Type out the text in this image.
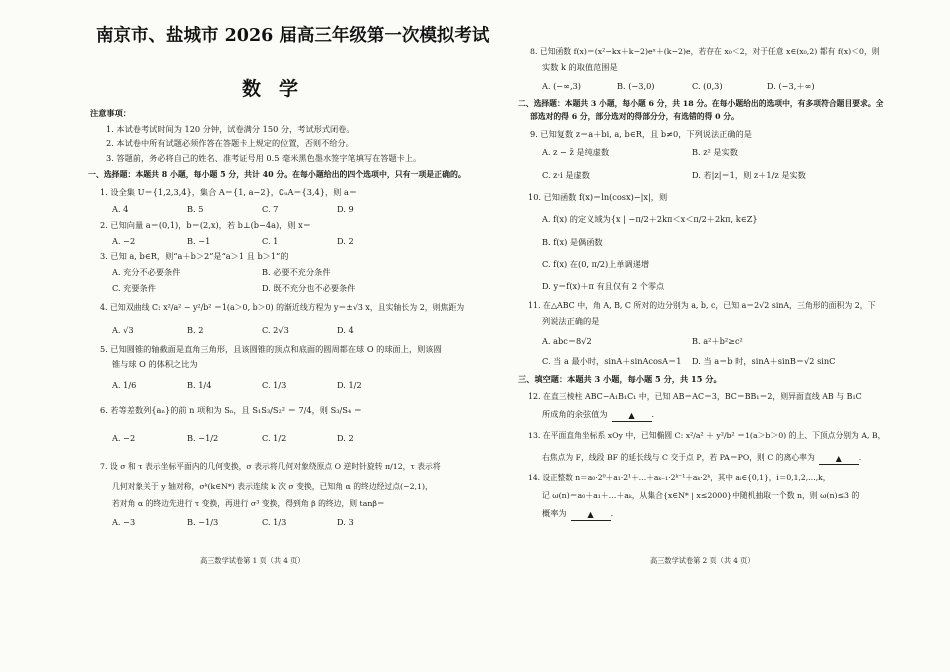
南京市、盐城市 2026 届高三年级第一次模拟考试
数学
注意事项：
1. 本试卷考试时间为 120 分钟，试卷满分 150 分，考试形式闭卷。
2. 本试卷中所有试题必须作答在答题卡上规定的位置，否则不给分。
3. 答题前，务必将自己的姓名、准考证号用 0.5 毫米黑色墨水签字笔填写在答题卡上。
一、选择题：本题共 8 小题，每小题 5 分，共计 40 分。在每小题给出的四个选项中，只有一项是正确的。
1. 设全集 U＝{1,2,3,4}，集合 A＝{1, a−2}，∁ᵤA＝{3,4}，则 a＝
A. 4	B. 5	C. 7	D. 9
2. 已知向量 a＝(0,1)，b＝(2,x)，若 b⊥(b−4a)，则 x＝
A. −2	B. −1	C. 1	D. 2
3. 已知 a, b∈R，则“a＋b＞2”是“a＞1 且 b＞1”的
A. 充分不必要条件	B. 必要不充分条件
C. 充要条件	D. 既不充分也不必要条件
4. 已知双曲线 C: x²/a² − y²/b² ＝1(a＞0, b＞0) 的渐近线方程为 y＝±√3 x，且实轴长为 2，则焦距为
A. √3	B. 2	C. 2√3	D. 4
5. 已知圆锥的轴截面是直角三角形，且该圆锥的顶点和底面的圆周都在球 O 的球面上，则该圆
锥与球 O 的体积之比为
A. 1/6	B. 1/4	C. 1/3	D. 1/2
6. 若等差数列{aₙ}的前 n 项和为 Sₙ，且 S₁S₃/S₂² ＝ 7/4，则 S₃/S₄ ＝
A. −2	B. −1/2	C. 1/2	D. 2
7. 设 σ 和 τ 表示坐标平面内的几何变换，σ 表示将几何对象绕原点 O 逆时针旋转 π/12，τ 表示将
几何对象关于 y 轴对称，σᵏ(k∈N*) 表示连续 k 次 σ 变换，已知角 α 的终边经过点(−2,1)，
若对角 α 的终边先进行 τ 变换，再进行 σ³ 变换，得到角 β 的终边，则 tanβ＝
A. −3	B. −1/3	C. 1/3	D. 3
高三数学试卷第 1 页（共 4 页）
8. 已知函数 f(x)＝(x²−kx＋k−2)eˣ＋(k−2)e，若存在 x₀＜2，对于任意 x∈(x₀,2) 都有 f(x)＜0，则
实数 k 的取值范围是
A. (−∞,3)	B. (−3,0)	C. (0,3)	D. (−3,＋∞)
二、选择题：本题共 3 小题，每小题 6 分，共 18 分。在每小题给出的选项中，有多项符合题目要求。全
部选对的得 6 分，部分选对的得部分分，有选错的得 0 分。
9. 已知复数 z＝a＋bi, a, b∈R，且 b≠0，下列说法正确的是
A. z − z̄ 是纯虚数	B. z² 是实数
C. z·i 是虚数	D. 若|z|＝1，则 z＋1/z 是实数
10. 已知函数 f(x)＝ln(cosx)−|x|，则
A. f(x) 的定义域为{x | −π/2＋2kπ＜x＜π/2＋2kπ, k∈Z}
B. f(x) 是偶函数
C. f(x) 在(0, π/2)上单调递增
D. y＝f(x)＋π 有且仅有 2 个零点
11. 在△ABC 中，角 A, B, C 所对的边分别为 a, b, c，已知 a＝2√2 sinA，三角形的面积为 2，下
列说法正确的是
A. abc＝8√2	B. a²＋b²≥c²
C. 当 a 最小时，sinA＋sinAcosA＝1 D. 当 a＝b 时，sinA＋sinB＝√2 sinC
三、填空题：本题共 3 小题，每小题 5 分，共 15 分。
12. 在直三棱柱 ABC−A₁B₁C₁ 中，已知 AB＝AC＝3，BC＝BB₁＝2，则异面直线 AB 与 B₁C
所成角的余弦值为	▲ ．
13. 在平面直角坐标系 xOy 中，已知椭圆 C: x²/a² ＋ y²/b² ＝1(a＞b＞0) 的上、下顶点分别为 A, B，
右焦点为 F，线段 BF 的延长线与 C 交于点 P，若 PA＝PO，则 C 的离心率为	▲ ．
14. 设正整数 n＝a₀·2⁰＋a₁·2¹＋…＋aₖ₋₁·2ᵏ⁻¹＋aₖ·2ᵏ，其中 aᵢ∈{0,1}，i＝0,1,2,…,k，
记 ω(n)＝a₀＋a₁＋…＋aₖ，从集合{x∈N* | x≤2000}中随机抽取一个数 n，则 ω(n)≤3 的
概率为	▲ ．
高三数学试卷第 2 页（共 4 页）
